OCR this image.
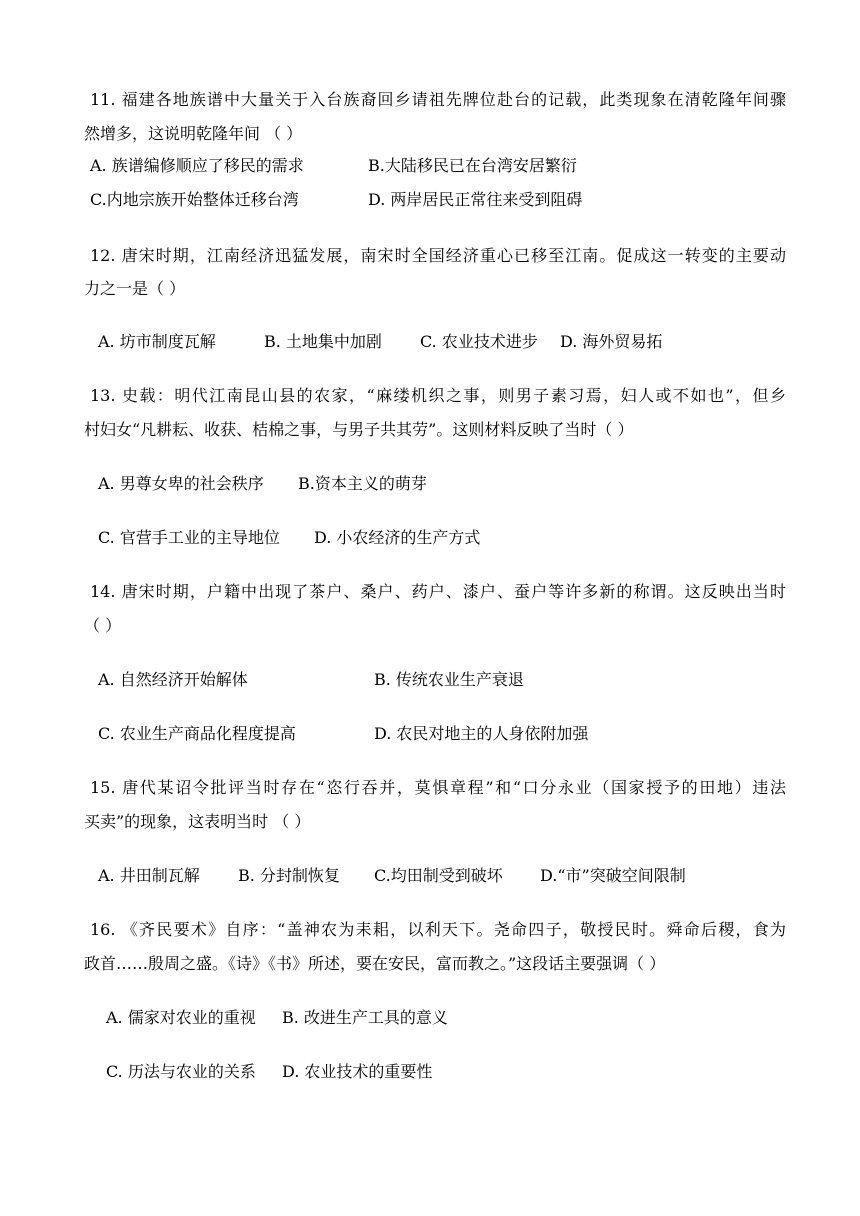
11. 福建各地族谱中大量关于入台族裔回乡请祖先牌位赴台的记载，此类现象在清乾隆年间骤
然增多，这说明乾隆年间 （ ）
A. 族谱编修顺应了移民的需求	B.大陆移民已在台湾安居繁衍
C.内地宗族开始整体迁移台湾	D. 两岸居民正常往来受到阻碍
12. 唐宋时期，江南经济迅猛发展，南宋时全国经济重心已移至江南。促成这一转变的主要动
力之一是（ ）
A. 坊市制度瓦解	B. 土地集中加剧 C. 农业技术进步 D. 海外贸易拓
13. 史载：明代江南昆山县的农家，“麻缕机织之事，则男子素习焉，妇人或不如也”，但乡
村妇女“凡耕耘、收获、桔棉之事，与男子共其劳”。这则材料反映了当时（ ）
A. 男尊女卑的社会秩序 B.资本主义的萌芽
C. 官营手工业的主导地位 D. 小农经济的生产方式
14. 唐宋时期，户籍中出现了茶户、桑户、药户、漆户、蚕户等许多新的称谓。这反映出当时
（ ）
A. 自然经济开始解体	B. 传统农业生产衰退
C. 农业生产商品化程度提高	D. 农民对地主的人身依附加强
15. 唐代某诏令批评当时存在“恣行吞并，莫惧章程”和“口分永业（国家授予的田地）违法
买卖”的现象，这表明当时 （ ）
A. 井田制瓦解 B. 分封制恢复 C.均田制受到破坏 D.“市”突破空间限制
16. 《齐民要术》自序：“盖神农为耒耜，以利天下。尧命四子，敬授民时。舜命后稷，食为
政首……殷周之盛。《诗》《书》所述，要在安民，富而教之。”这段话主要强调（ ）
A. 儒家对农业的重视 B. 改进生产工具的意义
C. 历法与农业的关系 D. 农业技术的重要性
